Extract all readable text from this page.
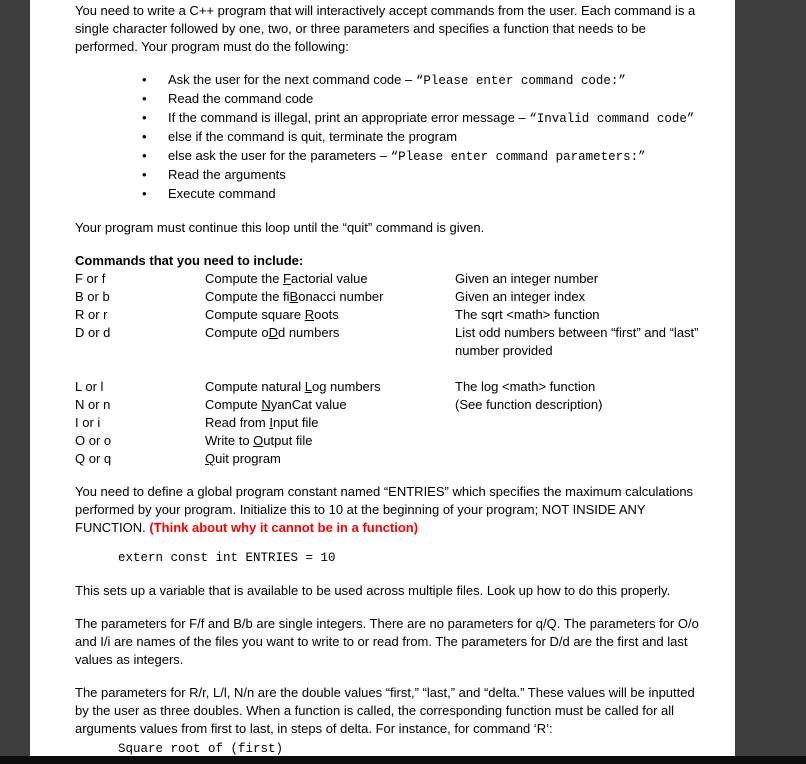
You need to write a C++ program that will interactively accept commands from the user. Each command is a single character followed by one, two, or three parameters and specifies a function that needs to be performed. Your program must do the following:

• Ask the user for the next command code – “Please enter command code:”
• Read the command code
• If the command is illegal, print an appropriate error message – “Invalid command code”
• else if the command is quit, terminate the program
• else ask the user for the parameters – “Please enter command parameters:”
• Read the arguments
• Execute command

Your program must continue this loop until the “quit” command is given.

Commands that you need to include:

F or f	Compute the Factorial value	Given an integer number
B or b	Compute the fiBonacci number	Given an integer index
R or r	Compute square Roots	The sqrt <math> function
D or d	Compute oDd numbers	List odd numbers between “first” and “last” number provided
L or l	Compute natural Log numbers	The log <math> function
N or n	Compute NyanCat value	(See function description)
I or i	Read from Input file
O or o	Write to Output file
Q or q	Quit program

You need to define a global program constant named “ENTRIES” which specifies the maximum calculations performed by your program. Initialize this to 10 at the beginning of your program; NOT INSIDE ANY FUNCTION. (Think about why it cannot be in a function)

extern const int ENTRIES = 10

This sets up a variable that is available to be used across multiple files. Look up how to do this properly.

The parameters for F/f and B/b are single integers. There are no parameters for q/Q. The parameters for O/o and I/i are names of the files you want to write to or read from. The parameters for D/d are the first and last values as integers.

The parameters for R/r, L/l, N/n are the double values “first,” “last,” and “delta.” These values will be inputted by the user as three doubles. When a function is called, the corresponding function must be called for all arguments values from first to last, in steps of delta. For instance, for command ‘R’:

Square root of (first)
